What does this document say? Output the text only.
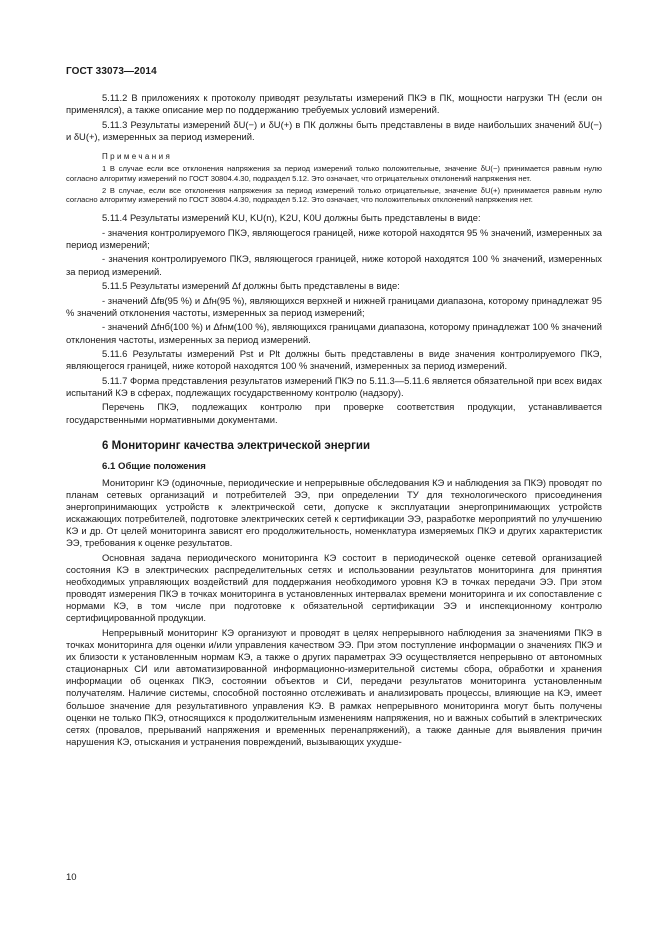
ГОСТ 33073—2014

5.11.2 В приложениях к протоколу приводят результаты измерений ПКЭ в ПК, мощности нагрузки ТН (если он применялся), а также описание мер по поддержанию требуемых условий измерений.

5.11.3 Результаты измерений δU(−) и δU(+) в ПК должны быть представлены в виде наибольших значений δU(−) и δU(+), измеренных за период измерений.

Примечания

1 В случае если все отклонения напряжения за период измерений только положительные, значение δU(−) принимается равным нулю согласно алгоритму измерений по ГОСТ 30804.4.30, подраздел 5.12. Это означает, что отрицательных отклонений напряжения нет.

2 В случае, если все отклонения напряжения за период измерений только отрицательные, значение δU(+) принимается равным нулю согласно алгоритму измерений по ГОСТ 30804.4.30, подраздел 5.12. Это означает, что положительных отклонений напряжения нет.

5.11.4 Результаты измерений KU, KU(n), K2U, K0U должны быть представлены в виде:

- значения контролируемого ПКЭ, являющегося границей, ниже которой находятся 95 % значений, измеренных за период измерений;

- значения контролируемого ПКЭ, являющегося границей, ниже которой находятся 100 % значений, измеренных за период измерений.

5.11.5 Результаты измерений Δf должны быть представлены в виде:

- значений Δfв(95 %) и Δfн(95 %), являющихся верхней и нижней границами диапазона, которому принадлежат 95 % значений отклонения частоты, измеренных за период измерений;

- значений Δfнб(100 %) и Δfнм(100 %), являющихся границами диапазона, которому принадлежат 100 % значений отклонения частоты, измеренных за период измерений.

5.11.6 Результаты измерений Pst и Plt должны быть представлены в виде значения контролируемого ПКЭ, являющегося границей, ниже которой находятся 100 % значений, измеренных за период измерений.

5.11.7 Форма представления результатов измерений ПКЭ по 5.11.3—5.11.6 является обязательной при всех видах испытаний КЭ в сферах, подлежащих государственному контролю (надзору).

Перечень ПКЭ, подлежащих контролю при проверке соответствия продукции, устанавливается государственными нормативными документами.

6 Мониторинг качества электрической энергии

6.1 Общие положения

Мониторинг КЭ (одиночные, периодические и непрерывные обследования КЭ и наблюдения за ПКЭ) проводят по планам сетевых организаций и потребителей ЭЭ, при определении ТУ для технологического присоединения энергопринимающих устройств к электрической сети, допуске к эксплуатации энергопринимающих устройств искажающих потребителей, подготовке электрических сетей к сертификации ЭЭ, разработке мероприятий по улучшению КЭ и др. От целей мониторинга зависят его продолжительность, номенклатура измеряемых ПКЭ и других характеристик ЭЭ, требования к оценке результатов.

Основная задача периодического мониторинга КЭ состоит в периодической оценке сетевой организацией состояния КЭ в электрических распределительных сетях и использовании результатов мониторинга для принятия необходимых управляющих воздействий для поддержания необходимого уровня КЭ в точках передачи ЭЭ. При этом проводят измерения ПКЭ в точках мониторинга в установленных интервалах времени мониторинга и их сопоставление с нормами КЭ, в том числе при подготовке к обязательной сертификации ЭЭ и инспекционному контролю сертифицированной продукции.

Непрерывный мониторинг КЭ организуют и проводят в целях непрерывного наблюдения за значениями ПКЭ в точках мониторинга для оценки и/или управления качеством ЭЭ. При этом поступление информации о значениях ПКЭ и их близости к установленным нормам КЭ, а также о других параметрах ЭЭ осуществляется непрерывно от автономных стационарных СИ или автоматизированной информационно-измерительной системы сбора, обработки и хранения информации об оценках ПКЭ, состоянии объектов и СИ, передачи результатов мониторинга установленным получателям. Наличие системы, способной постоянно отслеживать и анализировать процессы, влияющие на КЭ, имеет большое значение для результативного управления КЭ. В рамках непрерывного мониторинга могут быть получены оценки не только ПКЭ, относящихся к продолжительным изменениям напряжения, но и важных событий в электрических сетях (провалов, прерываний напряжения и временных перенапряжений), а также данные для выявления причин нарушения КЭ, отыскания и устранения повреждений, вызывающих ухудше-

10
